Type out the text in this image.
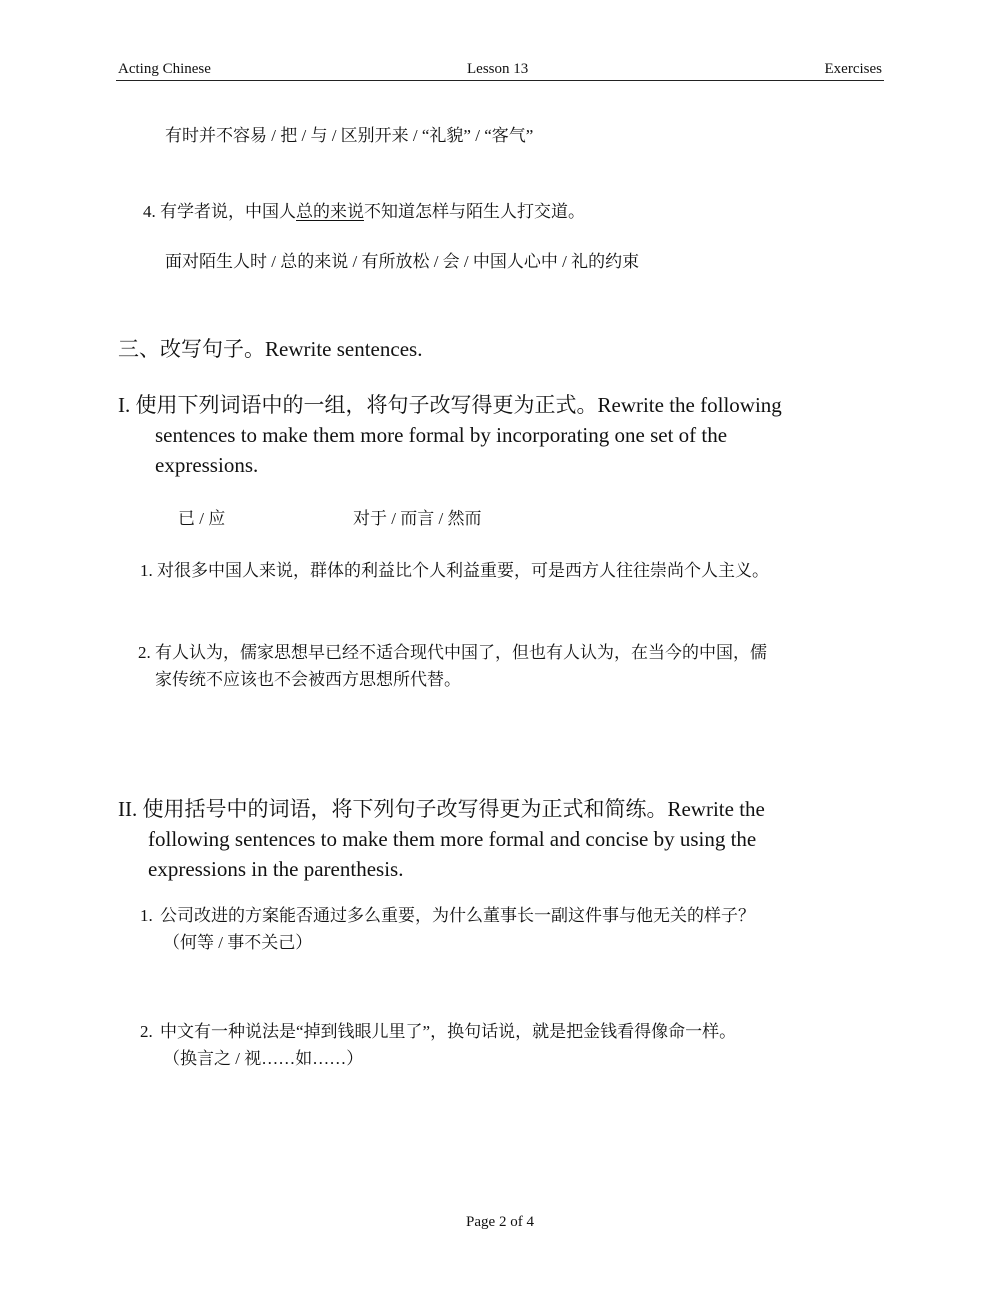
Acting Chinese	Lesson 13	Exercises
有时并不容易 / 把 / 与 / 区别开来 / “礼貌” / “客气”
4. 有学者说，中国人总的来说不知道怎样与陌生人打交道。
面对陌生人时 / 总的来说 / 有所放松 / 会 / 中国人心中 / 礼的约束
三、改写句子。Rewrite sentences.
I. 使用下列词语中的一组，将句子改写得更为正式。Rewrite the following
sentences to make them more formal by incorporating one set of the
expressions.
已 / 应	对于 / 而言 / 然而
1. 对很多中国人来说，群体的利益比个人利益重要，可是西方人往往崇尚个人主义。
2. 有人认为，儒家思想早已经不适合现代中国了，但也有人认为，在当今的中国，儒
家传统不应该也不会被西方思想所代替。
II. 使用括号中的词语，将下列句子改写得更为正式和简练。Rewrite the
following sentences to make them more formal and concise by using the
expressions in the parenthesis.
1. 公司改进的方案能否通过多么重要，为什么董事长一副这件事与他无关的样子？
（何等 / 事不关己）
2. 中文有一种说法是“掉到钱眼儿里了”，换句话说，就是把金钱看得像命一样。
（换言之 / 视……如……）
Page 2 of 4
